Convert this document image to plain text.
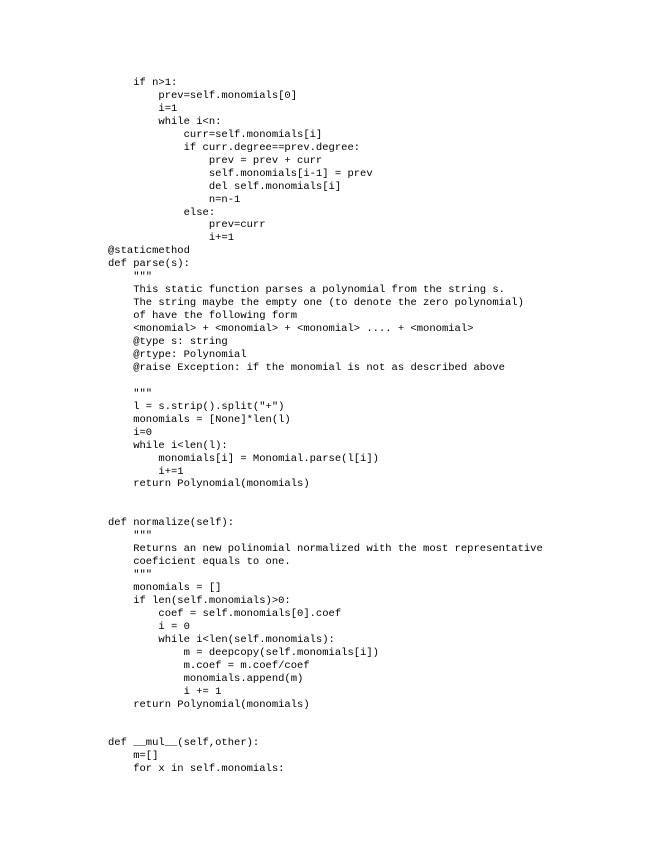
if n>1:
prev=self.monomials[0]
i=1
while i<n:
curr=self.monomials[i]
if curr.degree==prev.degree:
prev = prev + curr
self.monomials[i-1] = prev
del self.monomials[i]
n=n-1
else:
prev=curr
i+=1
@staticmethod
def parse(s):
"""
This static function parses a polynomial from the string s.
The string maybe the empty one (to denote the zero polynomial)
of have the following form
<monomial> + <monomial> + <monomial> .... + <monomial>
@type s: string
@rtype: Polynomial
@raise Exception: if the monomial is not as described above
"""
l = s.strip().split("+")
monomials = [None]*len(l)
i=0
while i<len(l):
monomials[i] = Monomial.parse(l[i])
i+=1
return Polynomial(monomials)
def normalize(self):
"""
Returns an new polinomial normalized with the most representative
coeficient equals to one.
"""
monomials = []
if len(self.monomials)>0:
coef = self.monomials[0].coef
i = 0
while i<len(self.monomials):
m = deepcopy(self.monomials[i])
m.coef = m.coef/coef
monomials.append(m)
i += 1
return Polynomial(monomials)
def __mul__(self,other):
m=[]
for x in self.monomials:
